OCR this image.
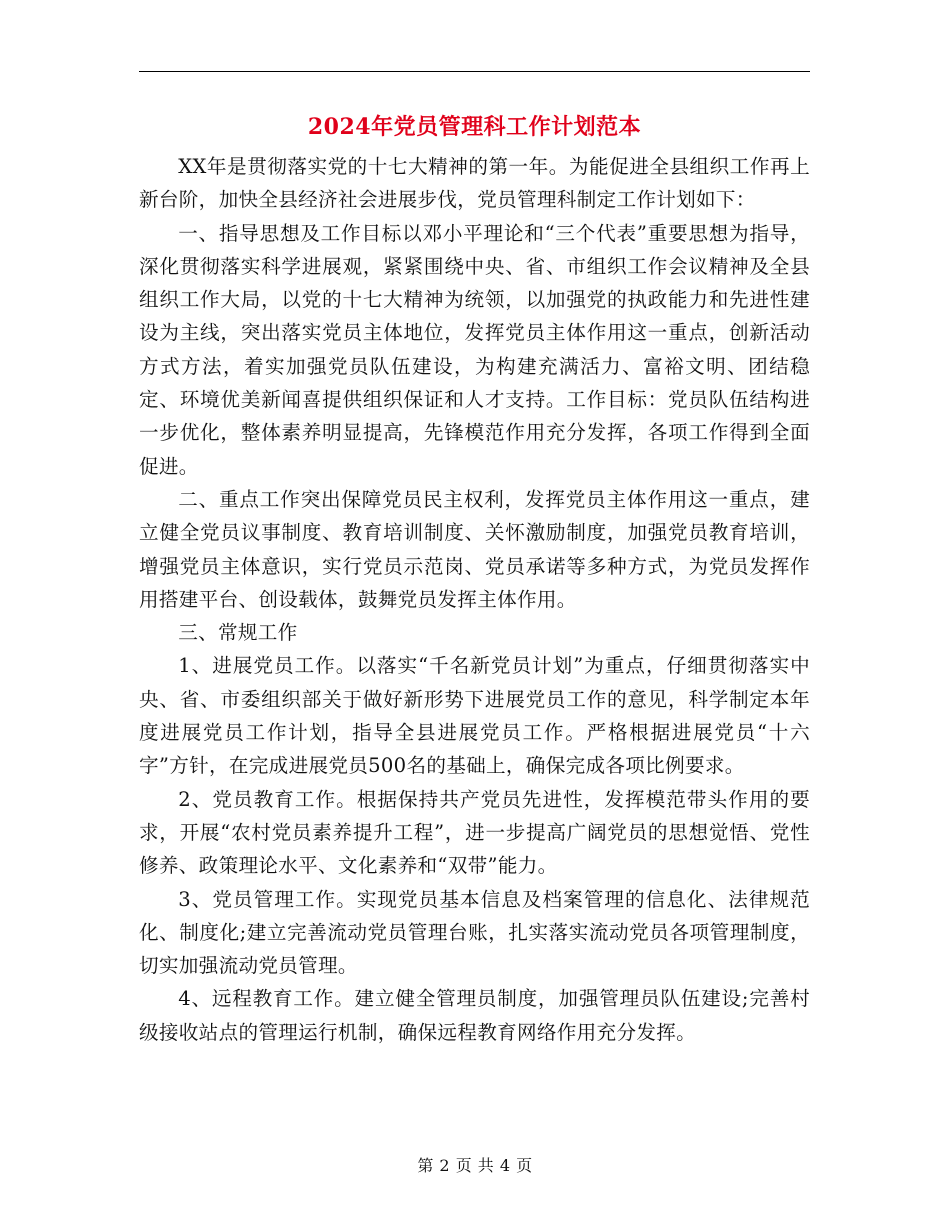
2024年党员管理科工作计划范本

XX年是贯彻落实党的十七大精神的第一年。为能促进全县组织工作再上新台阶，加快全县经济社会进展步伐，党员管理科制定工作计划如下：

一、指导思想及工作目标以邓小平理论和“三个代表”重要思想为指导，深化贯彻落实科学进展观，紧紧围绕中央、省、市组织工作会议精神及全县组织工作大局，以党的十七大精神为统领，以加强党的执政能力和先进性建设为主线，突出落实党员主体地位，发挥党员主体作用这一重点，创新活动方式方法，着实加强党员队伍建设，为构建充满活力、富裕文明、团结稳定、环境优美新闻喜提供组织保证和人才支持。工作目标：党员队伍结构进一步优化，整体素养明显提高，先锋模范作用充分发挥，各项工作得到全面促进。

二、重点工作突出保障党员民主权利，发挥党员主体作用这一重点，建立健全党员议事制度、教育培训制度、关怀激励制度，加强党员教育培训，增强党员主体意识，实行党员示范岗、党员承诺等多种方式，为党员发挥作用搭建平台、创设载体，鼓舞党员发挥主体作用。

三、常规工作

1、进展党员工作。以落实“千名新党员计划”为重点，仔细贯彻落实中央、省、市委组织部关于做好新形势下进展党员工作的意见，科学制定本年度进展党员工作计划，指导全县进展党员工作。严格根据进展党员“十六字”方针，在完成进展党员500名的基础上，确保完成各项比例要求。

2、党员教育工作。根据保持共产党员先进性，发挥模范带头作用的要求，开展“农村党员素养提升工程”，进一步提高广阔党员的思想觉悟、党性修养、政策理论水平、文化素养和“双带”能力。

3、党员管理工作。实现党员基本信息及档案管理的信息化、法律规范化、制度化;建立完善流动党员管理台账，扎实落实流动党员各项管理制度，切实加强流动党员管理。

4、远程教育工作。建立健全管理员制度，加强管理员队伍建设;完善村级接收站点的管理运行机制，确保远程教育网络作用充分发挥。

第 2 页 共 4 页
